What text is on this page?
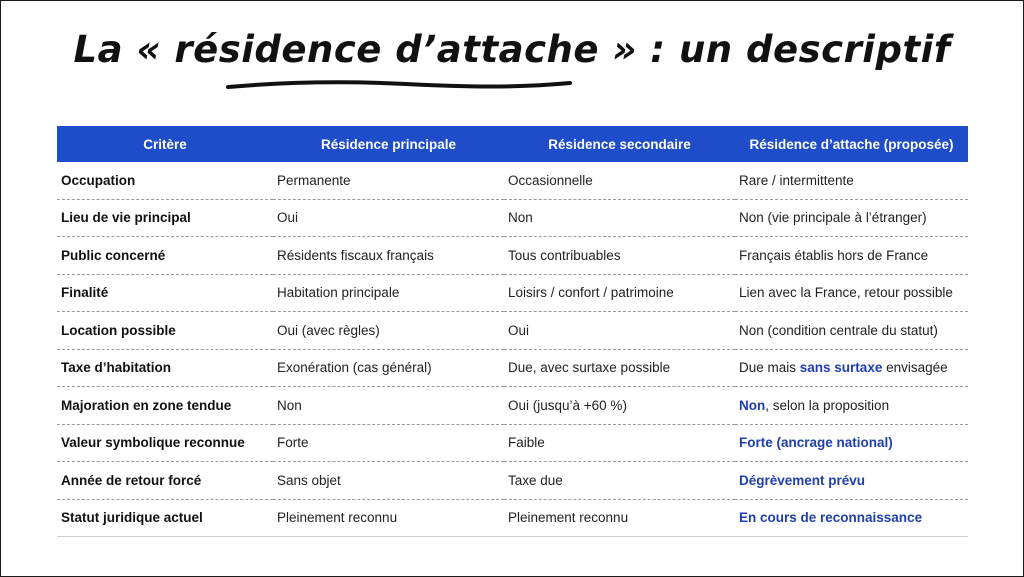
La « résidence d’attache » : un descriptif
Critère	Résidence principale	Résidence secondaire	Résidence d’attache (proposée)
Occupation	Permanente	Occasionnelle	Rare / intermittente
Lieu de vie principal	Oui	Non	Non (vie principale à l’étranger)
Public concerné	Résidents fiscaux français	Tous contribuables	Français établis hors de France
Finalité	Habitation principale	Loisirs / confort / patrimoine	Lien avec la France, retour possible
Location possible	Oui (avec règles)	Oui	Non (condition centrale du statut)
Taxe d’habitation	Exonération (cas général)	Due, avec surtaxe possible	Due mais sans surtaxe envisagée
Majoration en zone tendue	Non	Oui (jusqu’à +60 %)	Non, selon la proposition
Valeur symbolique reconnue	Forte	Faible	Forte (ancrage national)
Année de retour forcé	Sans objet	Taxe due	Dégrèvement prévu
Statut juridique actuel	Pleinement reconnu	Pleinement reconnu	En cours de reconnaissance
